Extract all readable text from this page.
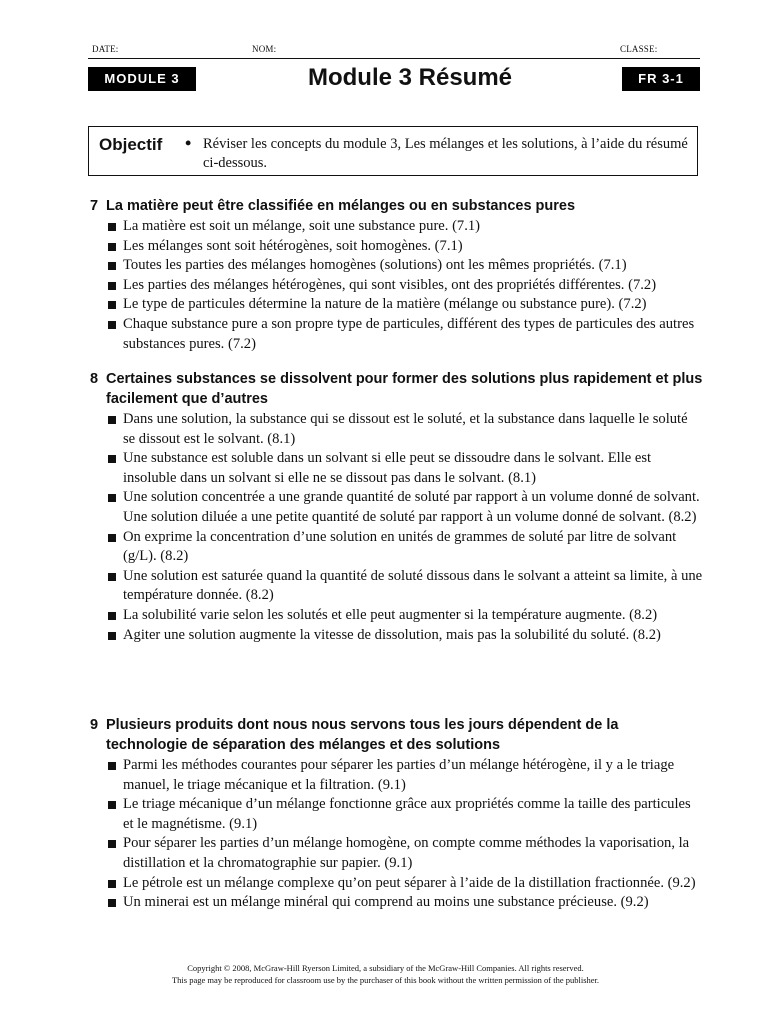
DATE:	NOM:	CLASSE:
MODULE 3	Module 3 Résumé	FR 3-1
Objectif • Réviser les concepts du module 3, Les mélanges et les solutions, à l’aide du résumé ci-dessous.
7 La matière peut être classifiée en mélanges ou en substances pures
La matière est soit un mélange, soit une substance pure. (7.1)
Les mélanges sont soit hétérogènes, soit homogènes. (7.1)
Toutes les parties des mélanges homogènes (solutions) ont les mêmes propriétés. (7.1)
Les parties des mélanges hétérogènes, qui sont visibles, ont des propriétés différentes. (7.2)
Le type de particules détermine la nature de la matière (mélange ou substance pure). (7.2)
Chaque substance pure a son propre type de particules, différent des types de particules des autres substances pures. (7.2)
8 Certaines substances se dissolvent pour former des solutions plus rapidement et plus facilement que d’autres
Dans une solution, la substance qui se dissout est le soluté, et la substance dans laquelle le soluté se dissout est le solvant. (8.1)
Une substance est soluble dans un solvant si elle peut se dissoudre dans le solvant. Elle est insoluble dans un solvant si elle ne se dissout pas dans le solvant. (8.1)
Une solution concentrée a une grande quantité de soluté par rapport à un volume donné de solvant. Une solution diluée a une petite quantité de soluté par rapport à un volume donné de solvant. (8.2)
On exprime la concentration d’une solution en unités de grammes de soluté par litre de solvant (g/L). (8.2)
Une solution est saturée quand la quantité de soluté dissous dans le solvant a atteint sa limite, à une température donnée. (8.2)
La solubilité varie selon les solutés et elle peut augmenter si la température augmente. (8.2)
Agiter une solution augmente la vitesse de dissolution, mais pas la solubilité du soluté. (8.2)
9 Plusieurs produits dont nous nous servons tous les jours dépendent de la technologie de séparation des mélanges et des solutions
Parmi les méthodes courantes pour séparer les parties d’un mélange hétérogène, il y a le triage manuel, le triage mécanique et la filtration. (9.1)
Le triage mécanique d’un mélange fonctionne grâce aux propriétés comme la taille des particules et le magnétisme. (9.1)
Pour séparer les parties d’un mélange homogène, on compte comme méthodes la vaporisation, la distillation et la chromatographie sur papier. (9.1)
Le pétrole est un mélange complexe qu’on peut séparer à l’aide de la distillation fractionnée. (9.2)
Un minerai est un mélange minéral qui comprend au moins une substance précieuse. (9.2)
Copyright © 2008, McGraw-Hill Ryerson Limited, a subsidiary of the McGraw-Hill Companies. All rights reserved.
This page may be reproduced for classroom use by the purchaser of this book without the written permission of the publisher.
